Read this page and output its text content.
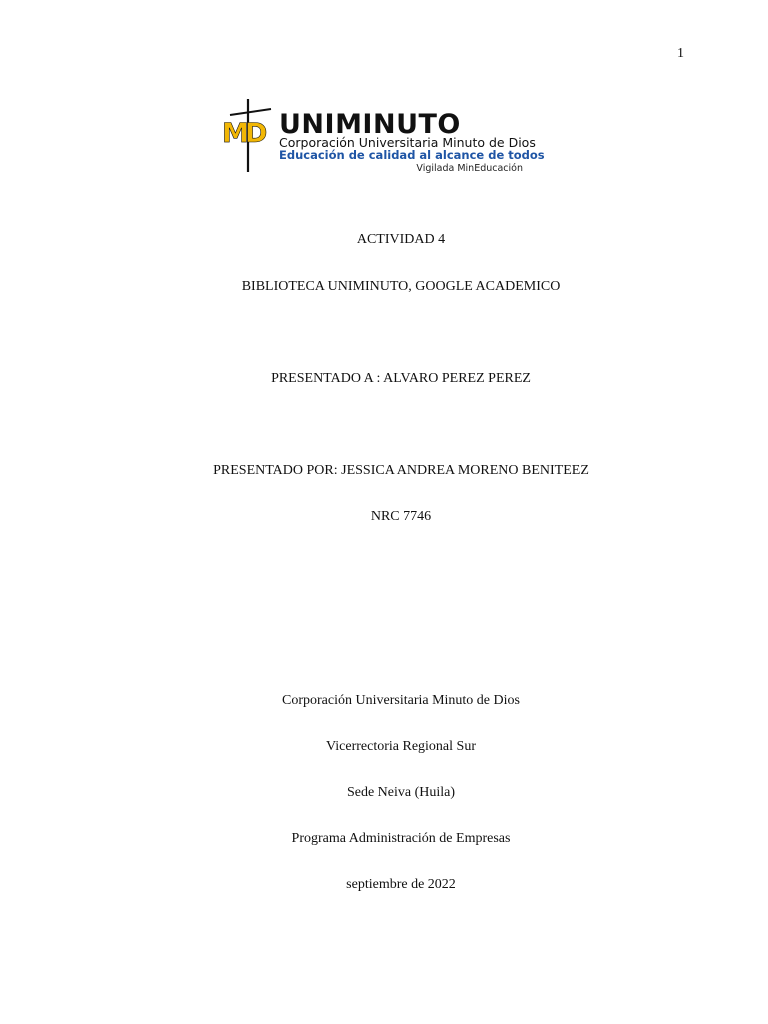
1
M
D UNIMINUTO
Corporación Universitaria Minuto de Dios
Educación de calidad al alcance de todos
Vigilada MinEducación
ACTIVIDAD 4
BIBLIOTECA UNIMINUTO, GOOGLE ACADEMICO
PRESENTADO A : ALVARO PEREZ PEREZ
PRESENTADO POR: JESSICA ANDREA MORENO BENITEEZ
NRC 7746
Corporación Universitaria Minuto de Dios
Vicerrectoria Regional Sur
Sede Neiva (Huila)
Programa Administración de Empresas
septiembre de 2022
